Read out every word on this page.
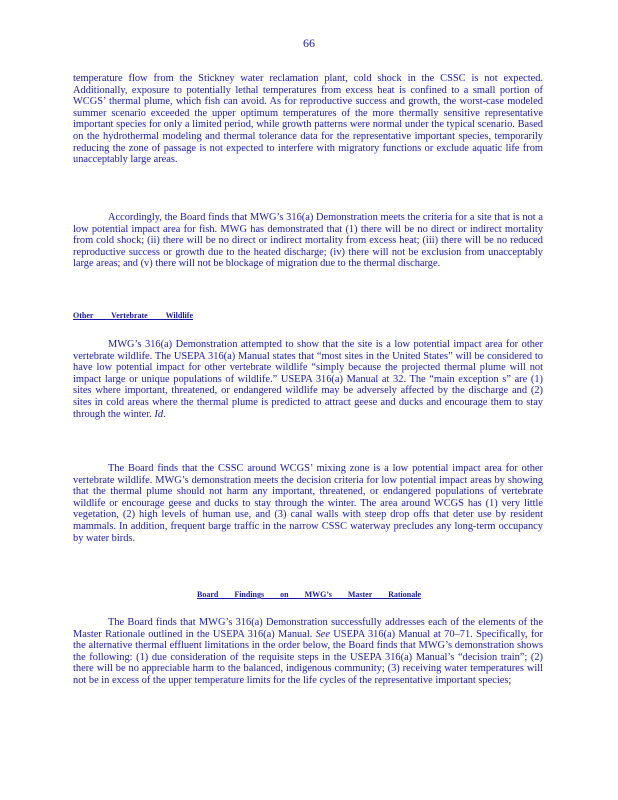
66

temperature flow from the Stickney water reclamation plant, cold shock in the CSSC is not expected. Additionally, exposure to potentially lethal temperatures from excess heat is confined to a small portion of WCGS’ thermal plume, which fish can avoid. As for reproductive success and growth, the worst-case modeled summer scenario exceeded the upper optimum temperatures of the more thermally sensitive representative important species for only a limited period, while growth patterns were normal under the typical scenario. Based on the hydrothermal modeling and thermal tolerance data for the representative important species, temporarily reducing the zone of passage is not expected to interfere with migratory functions or exclude aquatic life from unacceptably large areas.

Accordingly, the Board finds that MWG’s 316(a) Demonstration meets the criteria for a site that is not a low potential impact area for fish. MWG has demonstrated that (1) there will be no direct or indirect mortality from cold shock; (ii) there will be no direct or indirect mortality from excess heat; (iii) there will be no reduced reproductive success or growth due to the heated discharge; (iv) there will not be exclusion from unacceptably large areas; and (v) there will not be blockage of migration due to the thermal discharge.

Other Vertebrate Wildlife

MWG’s 316(a) Demonstration attempted to show that the site is a low potential impact area for other vertebrate wildlife. The USEPA 316(a) Manual states that “most sites in the United States” will be considered to have low potential impact for other vertebrate wildlife “simply because the projected thermal plume will not impact large or unique populations of wildlife.” USEPA 316(a) Manual at 32. The “main exception s” are (1) sites where important, threatened, or endangered wildlife may be adversely affected by the discharge and (2) sites in cold areas where the thermal plume is predicted to attract geese and ducks and encourage them to stay through the winter. Id.

The Board finds that the CSSC around WCGS’ mixing zone is a low potential impact area for other vertebrate wildlife. MWG’s demonstration meets the decision criteria for low potential impact areas by showing that the thermal plume should not harm any important, threatened, or endangered populations of vertebrate wildlife or encourage geese and ducks to stay through the winter. The area around WCGS has (1) very little vegetation, (2) high levels of human use, and (3) canal walls with steep drop offs that deter use by resident mammals. In addition, frequent barge traffic in the narrow CSSC waterway precludes any long-term occupancy by water birds.

Board Findings on MWG’s Master Rationale

The Board finds that MWG’s 316(a) Demonstration successfully addresses each of the elements of the Master Rationale outlined in the USEPA 316(a) Manual. See USEPA 316(a) Manual at 70–71. Specifically, for the alternative thermal effluent limitations in the order below, the Board finds that MWG’s demonstration shows the following: (1) due consideration of the requisite steps in the USEPA 316(a) Manual’s “decision train”; (2) there will be no appreciable harm to the balanced, indigenous community; (3) receiving water temperatures will not be in excess of the upper temperature limits for the life cycles of the representative important species;
